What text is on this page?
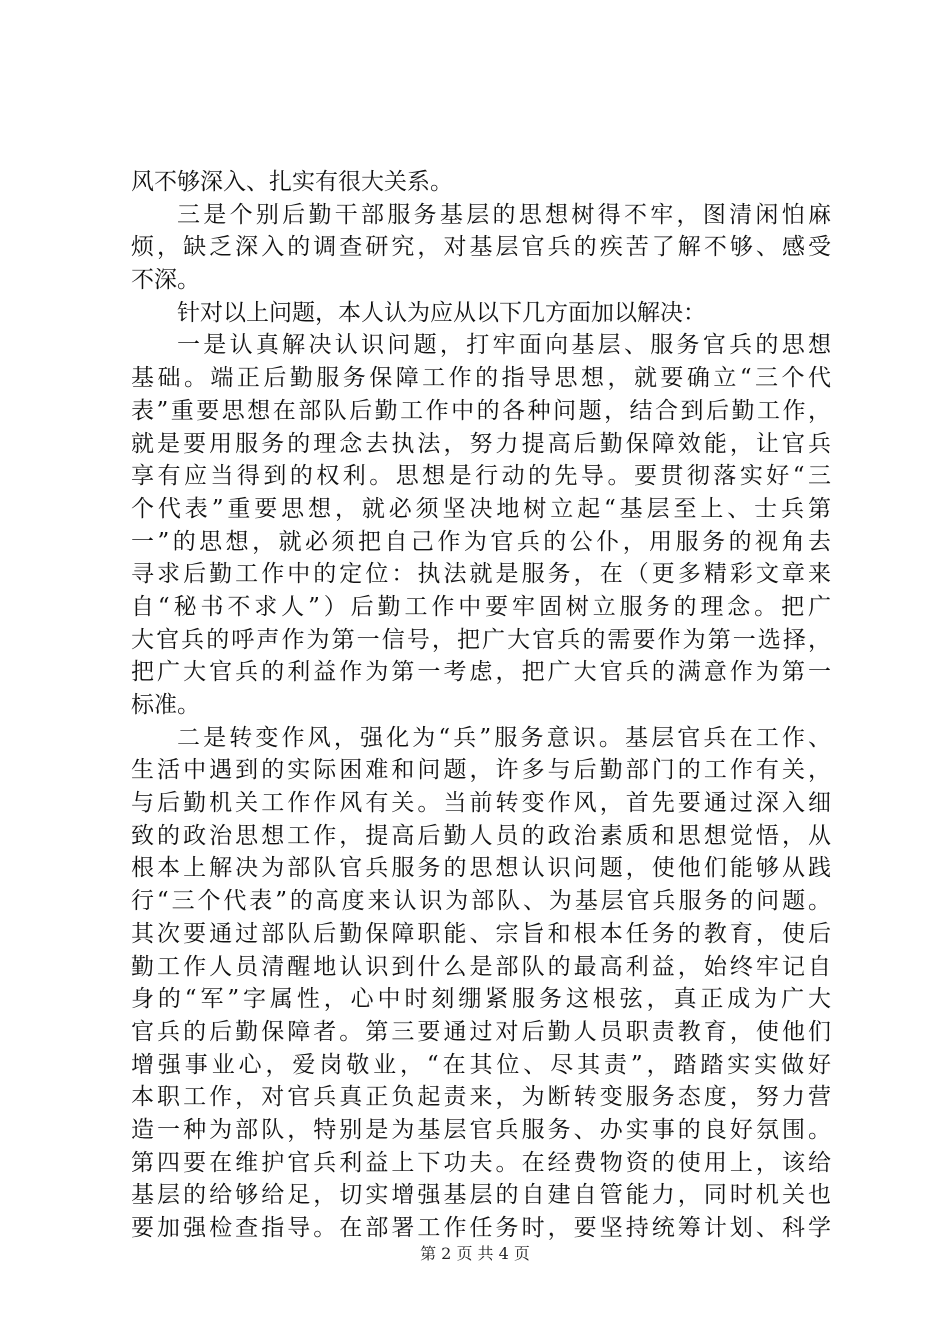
风不够深入、扎实有很大关系。
三是个别后勤干部服务基层的思想树得不牢，图清闲怕麻
烦，缺乏深入的调查研究，对基层官兵的疾苦了解不够、感受
不深。
针对以上问题，本人认为应从以下几方面加以解决：
一是认真解决认识问题，打牢面向基层、服务官兵的思想
基础。端正后勤服务保障工作的指导思想，就要确立“三个代
表”重要思想在部队后勤工作中的各种问题，结合到后勤工作，
就是要用服务的理念去执法，努力提高后勤保障效能，让官兵
享有应当得到的权利。思想是行动的先导。要贯彻落实好“三
个代表”重要思想，就必须坚决地树立起“基层至上、士兵第
一”的思想，就必须把自己作为官兵的公仆，用服务的视角去
寻求后勤工作中的定位：执法就是服务，在（更多精彩文章来
自“秘书不求人”）后勤工作中要牢固树立服务的理念。把广
大官兵的呼声作为第一信号，把广大官兵的需要作为第一选择，
把广大官兵的利益作为第一考虑，把广大官兵的满意作为第一
标准。
二是转变作风，强化为“兵”服务意识。基层官兵在工作、
生活中遇到的实际困难和问题，许多与后勤部门的工作有关，
与后勤机关工作作风有关。当前转变作风，首先要通过深入细
致的政治思想工作，提高后勤人员的政治素质和思想觉悟，从
根本上解决为部队官兵服务的思想认识问题，使他们能够从践
行“三个代表”的高度来认识为部队、为基层官兵服务的问题。
其次要通过部队后勤保障职能、宗旨和根本任务的教育，使后
勤工作人员清醒地认识到什么是部队的最高利益，始终牢记自
身的“军”字属性，心中时刻绷紧服务这根弦，真正成为广大
官兵的后勤保障者。第三要通过对后勤人员职责教育，使他们
增强事业心，爱岗敬业，“在其位、尽其责”，踏踏实实做好
本职工作，对官兵真正负起责来，为断转变服务态度，努力营
造一种为部队，特别是为基层官兵服务、办实事的良好氛围。
第四要在维护官兵利益上下功夫。在经费物资的使用上，该给
基层的给够给足，切实增强基层的自建自管能力，同时机关也
要加强检查指导。在部署工作任务时，要坚持统筹计划、科学
第 2 页 共 4 页
